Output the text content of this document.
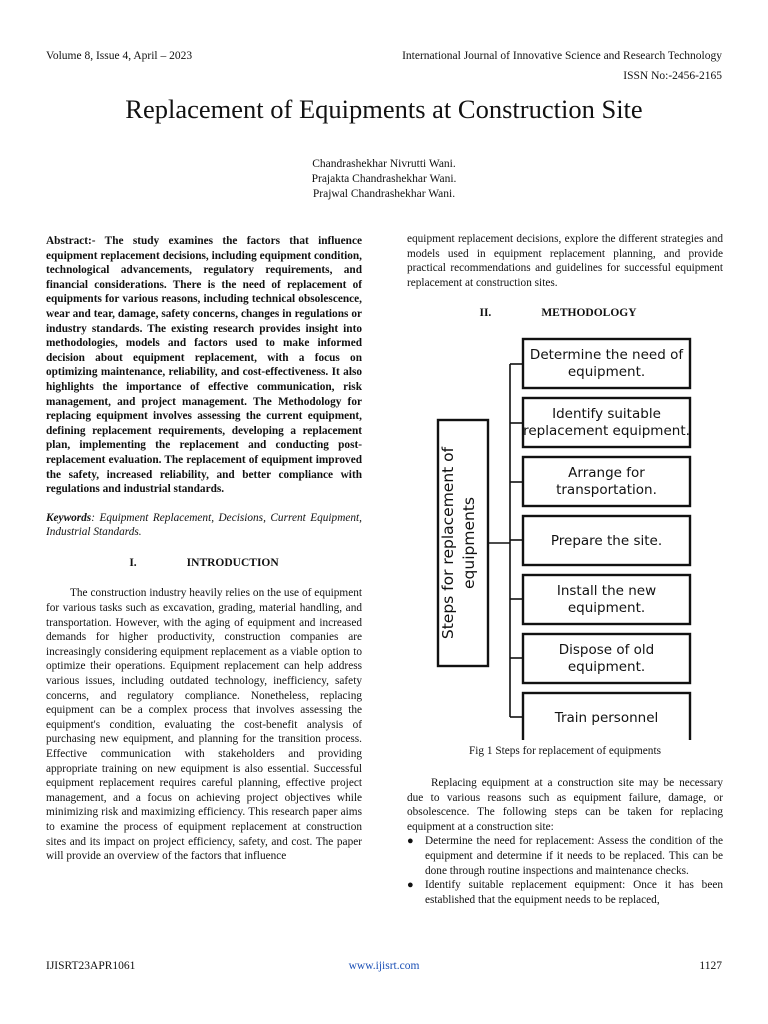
Volume 8, Issue 4, April – 2023	International Journal of Innovative Science and Research Technology
ISSN No:-2456-2165
Replacement of Equipments at Construction Site
Chandrashekhar Nivrutti Wani.
Prajakta Chandrashekhar Wani.
Prajwal Chandrashekhar Wani.

Abstract:- The study examines the factors that influence equipment replacement decisions, including equipment condition, technological advancements, regulatory requirements, and financial considerations. There is the need of replacement of equipments for various reasons, including technical obsolescence, wear and tear, damage, safety concerns, changes in regulations or industry standards. The existing research provides insight into methodologies, models and factors used to make informed decision about equipment replacement, with a focus on optimizing maintenance, reliability, and cost-effectiveness. It also highlights the importance of effective communication, risk management, and project management. The Methodology for replacing equipment involves assessing the current equipment, defining replacement requirements, developing a replacement plan, implementing the replacement and conducting post-replacement evaluation. The replacement of equipment improved the safety, increased reliability, and better compliance with regulations and industrial standards.

Keywords: Equipment Replacement, Decisions, Current Equipment, Industrial Standards.

I.	INTRODUCTION

The construction industry heavily relies on the use of equipment for various tasks such as excavation, grading, material handling, and transportation. However, with the aging of equipment and increased demands for higher productivity, construction companies are increasingly considering equipment replacement as a viable option to optimize their operations. Equipment replacement can help address various issues, including outdated technology, inefficiency, safety concerns, and regulatory compliance. Nonetheless, replacing equipment can be a complex process that involves assessing the equipment's condition, evaluating the cost-benefit analysis of purchasing new equipment, and planning for the transition process. Effective communication with stakeholders and providing appropriate training on new equipment is also essential. Successful equipment replacement requires careful planning, effective project management, and a focus on achieving project objectives while minimizing risk and maximizing efficiency. This research paper aims to examine the process of equipment replacement at construction sites and its impact on project efficiency, safety, and cost. The paper will provide an overview of the factors that influence

equipment replacement decisions, explore the different strategies and models used in equipment replacement planning, and provide practical recommendations and guidelines for successful equipment replacement at construction sites.

II.	METHODOLOGY
Steps for replacement of equipments
Determine the need of
equipment.
Identify suitable
replacement equipment.
Arrange for
transportation.
Prepare the site.
Install the new
equipment.
Dispose of old
equipment.
Train personnel
Fig 1 Steps for replacement of equipments

Replacing equipment at a construction site may be necessary due to various reasons such as equipment failure, damage, or obsolescence. The following steps can be taken for replacing equipment at a construction site:

● Determine the need for replacement: Assess the condition of the equipment and determine if it needs to be replaced. This can be done through routine inspections and maintenance checks.
● Identify suitable replacement equipment: Once it has been established that the equipment needs to be replaced,
IJISRT23APR1061	www.ijisrt.com	1127
